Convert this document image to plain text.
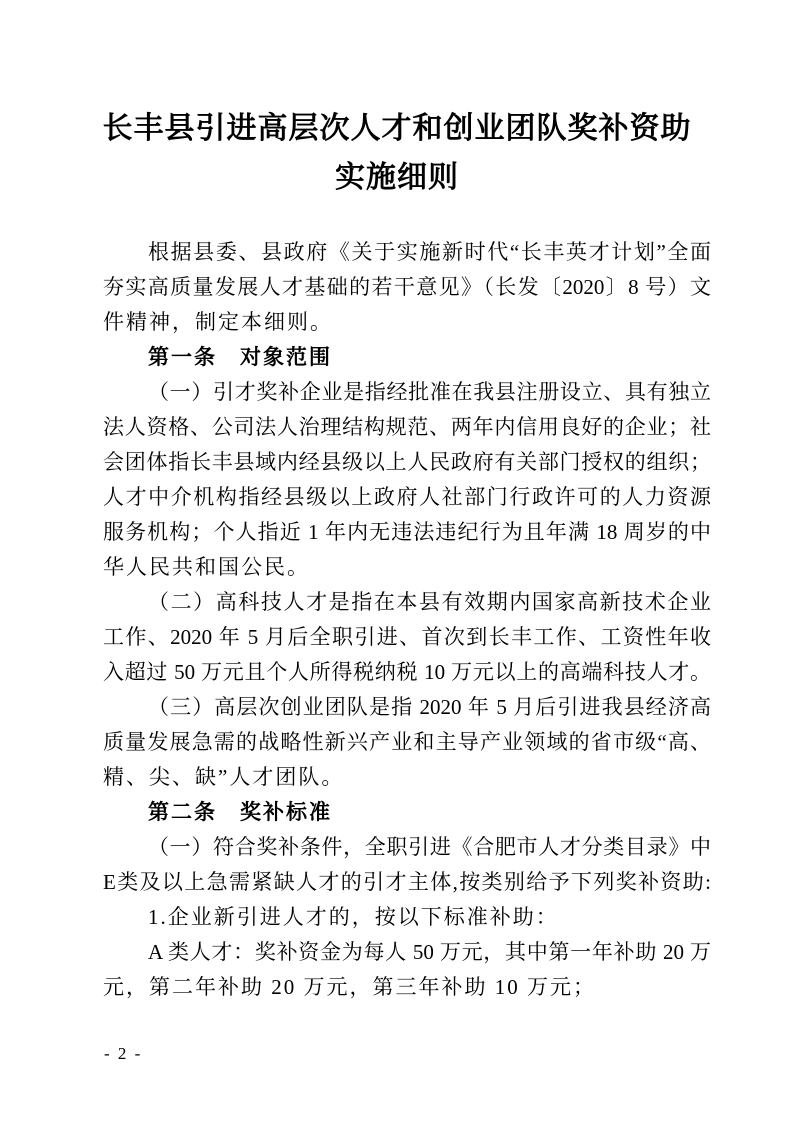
长丰县引进高层次人才和创业团队奖补资助
实施细则
根据县委、县政府《关于实施新时代“长丰英才计划”全面
夯实高质量发展人才基础的若干意见》（长发〔2020〕8 号）文
件精神，制定本细则。
第一条　对象范围
（一）引才奖补企业是指经批准在我县注册设立、具有独立
法人资格、公司法人治理结构规范、两年内信用良好的企业；社
会团体指长丰县域内经县级以上人民政府有关部门授权的组织；
人才中介机构指经县级以上政府人社部门行政许可的人力资源
服务机构；个人指近 1 年内无违法违纪行为且年满 18 周岁的中
华人民共和国公民。
（二）高科技人才是指在本县有效期内国家高新技术企业
工作、2020 年 5 月后全职引进、首次到长丰工作、工资性年收
入超过 50 万元且个人所得税纳税 10 万元以上的高端科技人才。
（三）高层次创业团队是指 2020 年 5 月后引进我县经济高
质量发展急需的战略性新兴产业和主导产业领域的省市级“高、
精、尖、缺”人才团队。
第二条　奖补标准
（一）符合奖补条件，全职引进《合肥市人才分类目录》中
E类及以上急需紧缺人才的引才主体,按类别给予下列奖补资助:
1.企业新引进人才的，按以下标准补助：
A 类人才：奖补资金为每人 50 万元，其中第一年补助 20 万
元，第二年补助 20 万元，第三年补助 10 万元；
- 2 -
